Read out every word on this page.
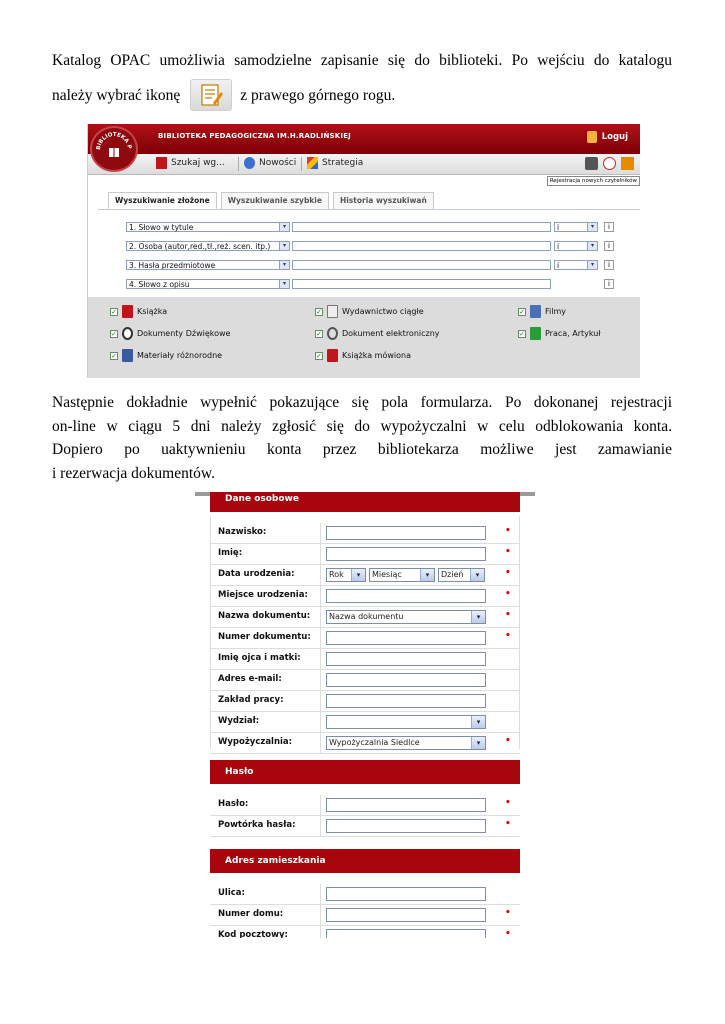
Katalog OPAC umożliwia samodzielne zapisanie się do biblioteki. Po wejściu do katalogu
należy wybrać ikonę	z prawego górnego rogu.
BIBLIOTEKA PEDAGOGICZNA IM.H.RADLIŃSKIEJ	Loguj
BIBLIOTEKA P
Szukaj wg...	Nowości	Strategia
Rejestracja nowych czytelników
Wyszukiwanie złożone	Wyszukiwanie szybkie	Historia wyszukiwań
1. Słowo w tytule	▾	i	▾	i
2. Osoba (autor,red.,tł.,reż. scen. itp.)	▾	i	▾	i
3. Hasła przedmiotowe	▾	i	▾	i
4. Słowo z opisu	▾	i
✓	Książka	✓	Wydawnictwo ciągłe	✓	Filmy
✓	Dokumenty Dźwiękowe	✓	Dokument elektroniczny	✓	Praca, Artykuł
✓	Materiały różnorodne	✓	Książka mówiona
Następnie dokładnie wypełnić pokazujące się pola formularza. Po dokonanej rejestracji
on-line w ciągu 5 dni należy zgłosić się do wypożyczalni w celu odblokowania konta.
Dopiero po uaktywnieniu konta przez bibliotekarza możliwe jest zamawianie
i rezerwacja dokumentów.
Dane osobowe
Nazwisko:	•
Imię:	•
Data urodzenia:	Rok	▾	Miesiąc	▾	Dzień	▾	•
Miejsce urodzenia:	•
Nazwa dokumentu:	Nazwa dokumentu	▾	•
Numer dokumentu:	•
Imię ojca i matki:
Adres e-mail:
Zakład pracy:
Wydział:	▾
Wypożyczalnia:	Wypożyczalnia Siedlce	▾	•
Hasło
Hasło:	•
Powtórka hasła:	•
Adres zamieszkania
Ulica:
Numer domu:	•
Kod pocztowy:	•
